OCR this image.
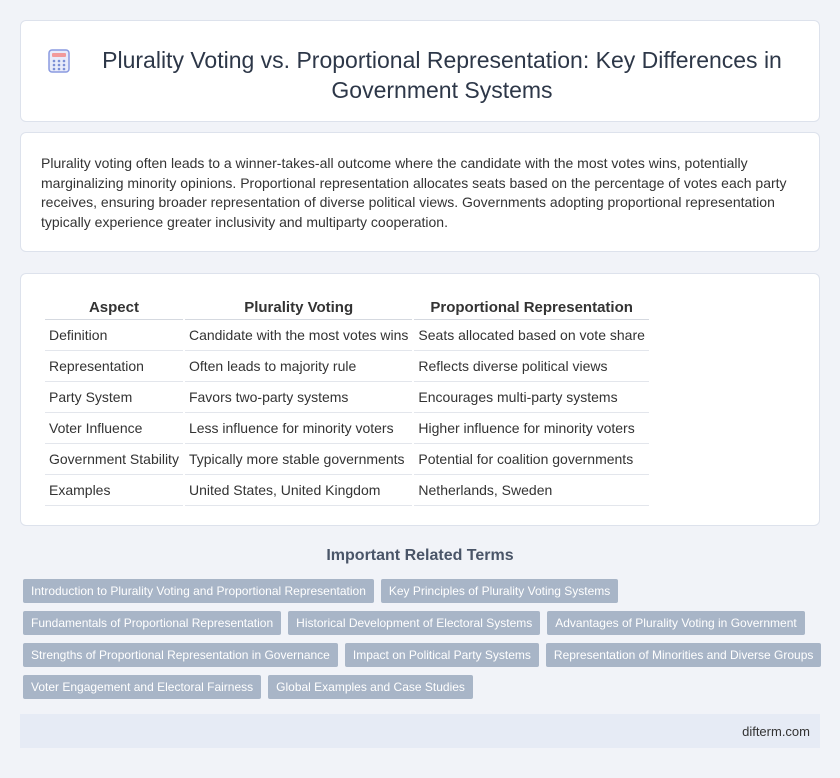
Plurality Voting vs. Proportional Representation: Key Differences in Government Systems

Plurality voting often leads to a winner-takes-all outcome where the candidate with the most votes wins, potentially marginalizing minority opinions. Proportional representation allocates seats based on the percentage of votes each party receives, ensuring broader representation of diverse political views. Governments adopting proportional representation typically experience greater inclusivity and multiparty cooperation.

Aspect	Plurality Voting	Proportional Representation
Definition	Candidate with the most votes wins	Seats allocated based on vote share
Representation	Often leads to majority rule	Reflects diverse political views
Party System	Favors two-party systems	Encourages multi-party systems
Voter Influence	Less influence for minority voters	Higher influence for minority voters
Government Stability	Typically more stable governments	Potential for coalition governments
Examples	United States, United Kingdom	Netherlands, Sweden
Important Related Terms
Introduction to Plurality Voting and Proportional Representation	Key Principles of Plurality Voting Systems
Fundamentals of Proportional Representation	Historical Development of Electoral Systems	Advantages of Plurality Voting in Government
Strengths of Proportional Representation in Governance	Impact on Political Party Systems	Representation of Minorities and Diverse Groups
Voter Engagement and Electoral Fairness	Global Examples and Case Studies
difterm.com
